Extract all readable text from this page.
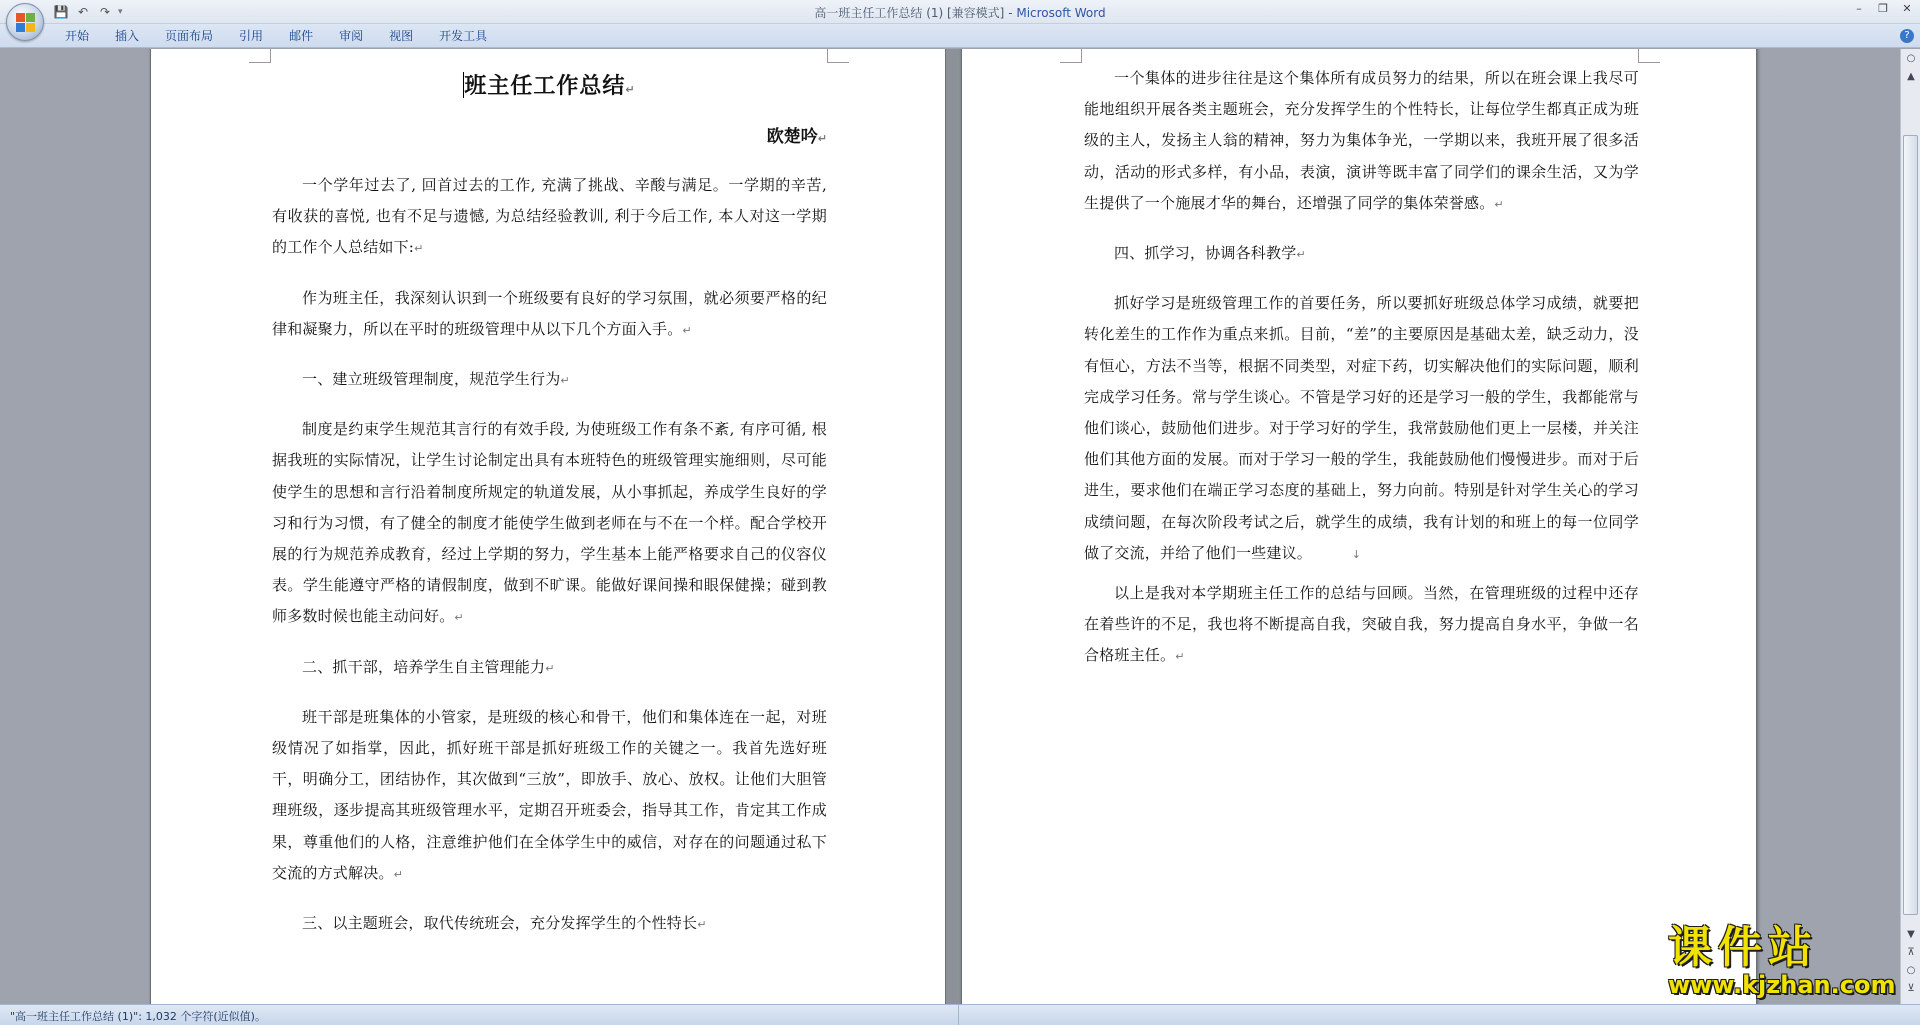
💾 ↶ ↷ ▾	高一班主任工作总结 (1) [兼容模式] - Microsoft Word	–	❐ ✕
开始	插入	页面布局	引用	邮件	审阅	视图	开发工具	?
班主任工作总结↵
欧楚吟↵

一个学年过去了, 回首过去的工作, 充满了挑战、辛酸与满足。一学期的辛苦, 有收获的喜悦, 也有不足与遗憾, 为总结经验教训, 利于今后工作, 本人对这一学期的工作个人总结如下:↵

作为班主任，我深刻认识到一个班级要有良好的学习氛围，就必须要严格的纪律和凝聚力，所以在平时的班级管理中从以下几个方面入手。↵

一、建立班级管理制度，规范学生行为↵

制度是约束学生规范其言行的有效手段, 为使班级工作有条不紊, 有序可循, 根据我班的实际情况，让学生讨论制定出具有本班特色的班级管理实施细则，尽可能使学生的思想和言行沿着制度所规定的轨道发展，从小事抓起，养成学生良好的学习和行为习惯，有了健全的制度才能使学生做到老师在与不在一个样。配合学校开展的行为规范养成教育，经过上学期的努力，学生基本上能严格要求自己的仪容仪表。学生能遵守严格的请假制度，做到不旷课。能做好课间操和眼保健操；碰到教师多数时候也能主动问好。↵

二、抓干部，培养学生自主管理能力↵

班干部是班集体的小管家，是班级的核心和骨干，他们和集体连在一起，对班级情况了如指掌，因此，抓好班干部是抓好班级工作的关键之一。我首先选好班干，明确分工，团结协作，其次做到“三放”，即放手、放心、放权。让他们大胆管理班级，逐步提高其班级管理水平，定期召开班委会，指导其工作，肯定其工作成果，尊重他们的人格，注意维护他们在全体学生中的威信，对存在的问题通过私下交流的方式解决。↵

三、以主题班会，取代传统班会，充分发挥学生的个性特长↵

一个集体的进步往往是这个集体所有成员努力的结果，所以在班会课上我尽可能地组织开展各类主题班会，充分发挥学生的个性特长，让每位学生都真正成为班级的主人，发扬主人翁的精神，努力为集体争光，一学期以来，我班开展了很多活动，活动的形式多样，有小品，表演，演讲等既丰富了同学们的课余生活，又为学生提供了一个施展才华的舞台，还增强了同学的集体荣誉感。↵

四、抓学习，协调各科教学↵

抓好学习是班级管理工作的首要任务，所以要抓好班级总体学习成绩，就要把转化差生的工作作为重点来抓。目前，“差”的主要原因是基础太差，缺乏动力，没有恒心，方法不当等，根据不同类型，对症下药，切实解决他们的实际问题，顺利完成学习任务。常与学生谈心。不管是学习好的还是学习一般的学生，我都能常与他们谈心，鼓励他们进步。对于学习好的学生，我常鼓励他们更上一层楼，并关注他们其他方面的发展。而对于学习一般的学生，我能鼓励他们慢慢进步。而对于后进生，要求他们在端正学习态度的基础上，努力向前。特别是针对学生关心的学习成绩问题，在每次阶段考试之后，就学生的成绩，我有计划的和班上的每一位同学做了交流，并给了他们一些建议。	↓

以上是我对本学期班主任工作的总结与回顾。当然，在管理班级的过程中还存在着些许的不足，我也将不断提高自我，突破自我，努力提高自身水平，争做一名合格班主任。↵

○
▲
▼
⊼
○
⊻
"高一班主任工作总结 (1)": 1,032 个字符(近似值)。
课件站
www.kjzhan.com
